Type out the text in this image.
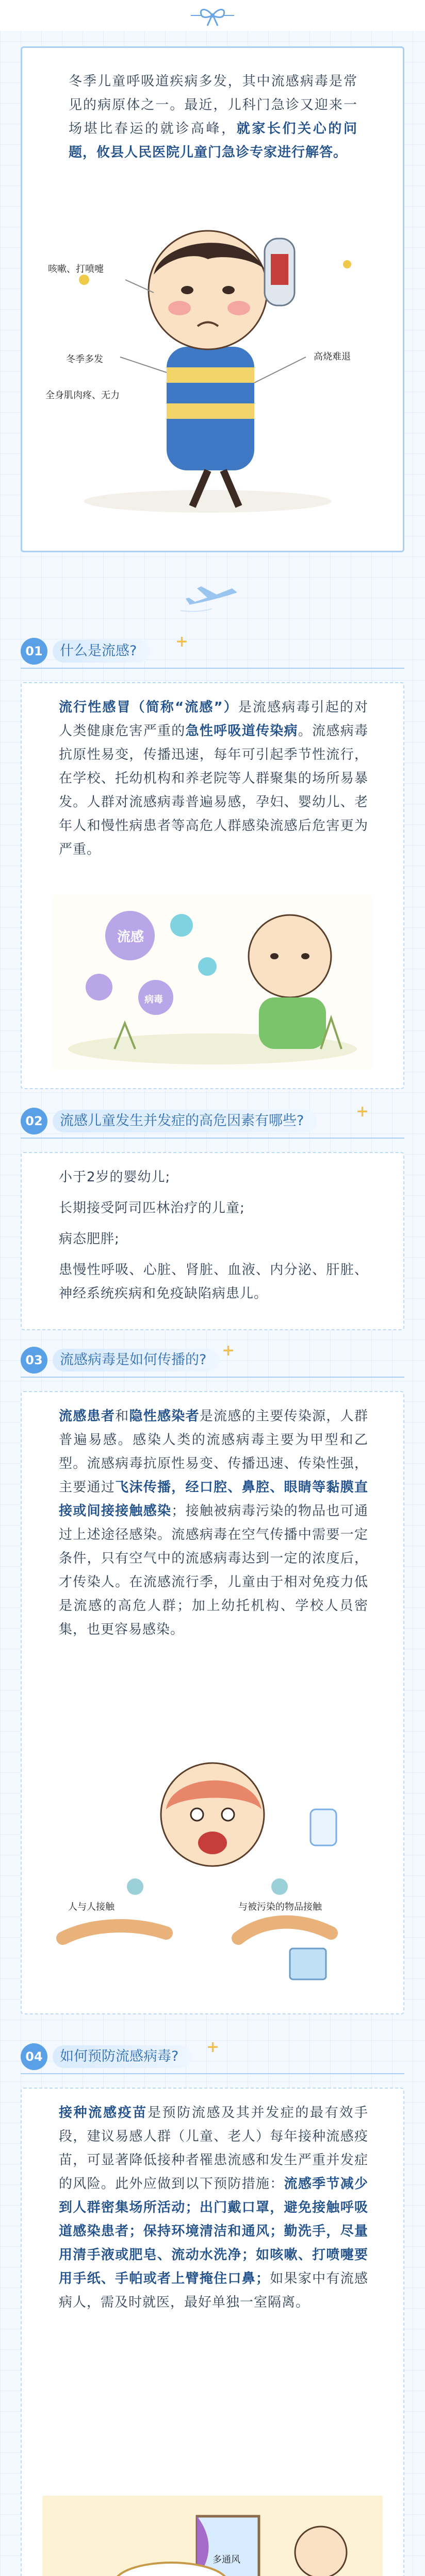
冬季儿童呼吸道疾病多发，其中流感病毒是常见的病原体之一。最近，儿科门急诊又迎来一场堪比春运的就诊高峰，就家长们关心的问题，攸县人民医院儿童门急诊专家进行解答。

咳嗽、打喷嚏
冬季多发
全身肌肉疼、无力
高烧难退
01	什么是流感?
+

流行性感冒（简称“流感”）是流感病毒引起的对人类健康危害严重的急性呼吸道传染病。流感病毒抗原性易变，传播迅速，每年可引起季节性流行，在学校、托幼机构和养老院等人群聚集的场所易暴发。人群对流感病毒普遍易感，孕妇、婴幼儿、老年人和慢性病患者等高危人群感染流感后危害更为严重。

流感
病毒
02	流感儿童发生并发症的高危因素有哪些?
+

小于2岁的婴幼儿;

长期接受阿司匹林治疗的儿童;

病态肥胖;

患慢性呼吸、心脏、肾脏、血液、内分泌、肝脏、神经系统疾病和免疫缺陷病患儿。

03	流感病毒是如何传播的?
+

流感患者和隐性感染者是流感的主要传染源，人群普遍易感。感染人类的流感病毒主要为甲型和乙型。流感病毒抗原性易变、传播迅速、传染性强，主要通过飞沫传播，经口腔、鼻腔、眼睛等黏膜直接或间接接触感染；接触被病毒污染的物品也可通过上述途径感染。流感病毒在空气传播中需要一定条件，只有空气中的流感病毒达到一定的浓度后，才传染人。在流感流行季，儿童由于相对免疫力低是流感的高危人群；加上幼托机构、学校人员密集，也更容易感染。

人与人接触	与被污染的物品接触
04	如何预防流感病毒?
+

接种流感疫苗是预防流感及其并发症的最有效手段，建议易感人群（儿童、老人）每年接种流感疫苗，可显著降低接种者罹患流感和发生严重并发症的风险。此外应做到以下预防措施：流感季节减少到人群密集场所活动；出门戴口罩，避免接触呼吸道感染患者；保持环境清洁和通风；勤洗手，尽量用清手液或肥皂、流动水洗净；如咳嗽、打喷嚏要用手纸、手帕或者上臂掩住口鼻；如果家中有流感病人，需及时就医，最好单独一室隔离。

多通风
